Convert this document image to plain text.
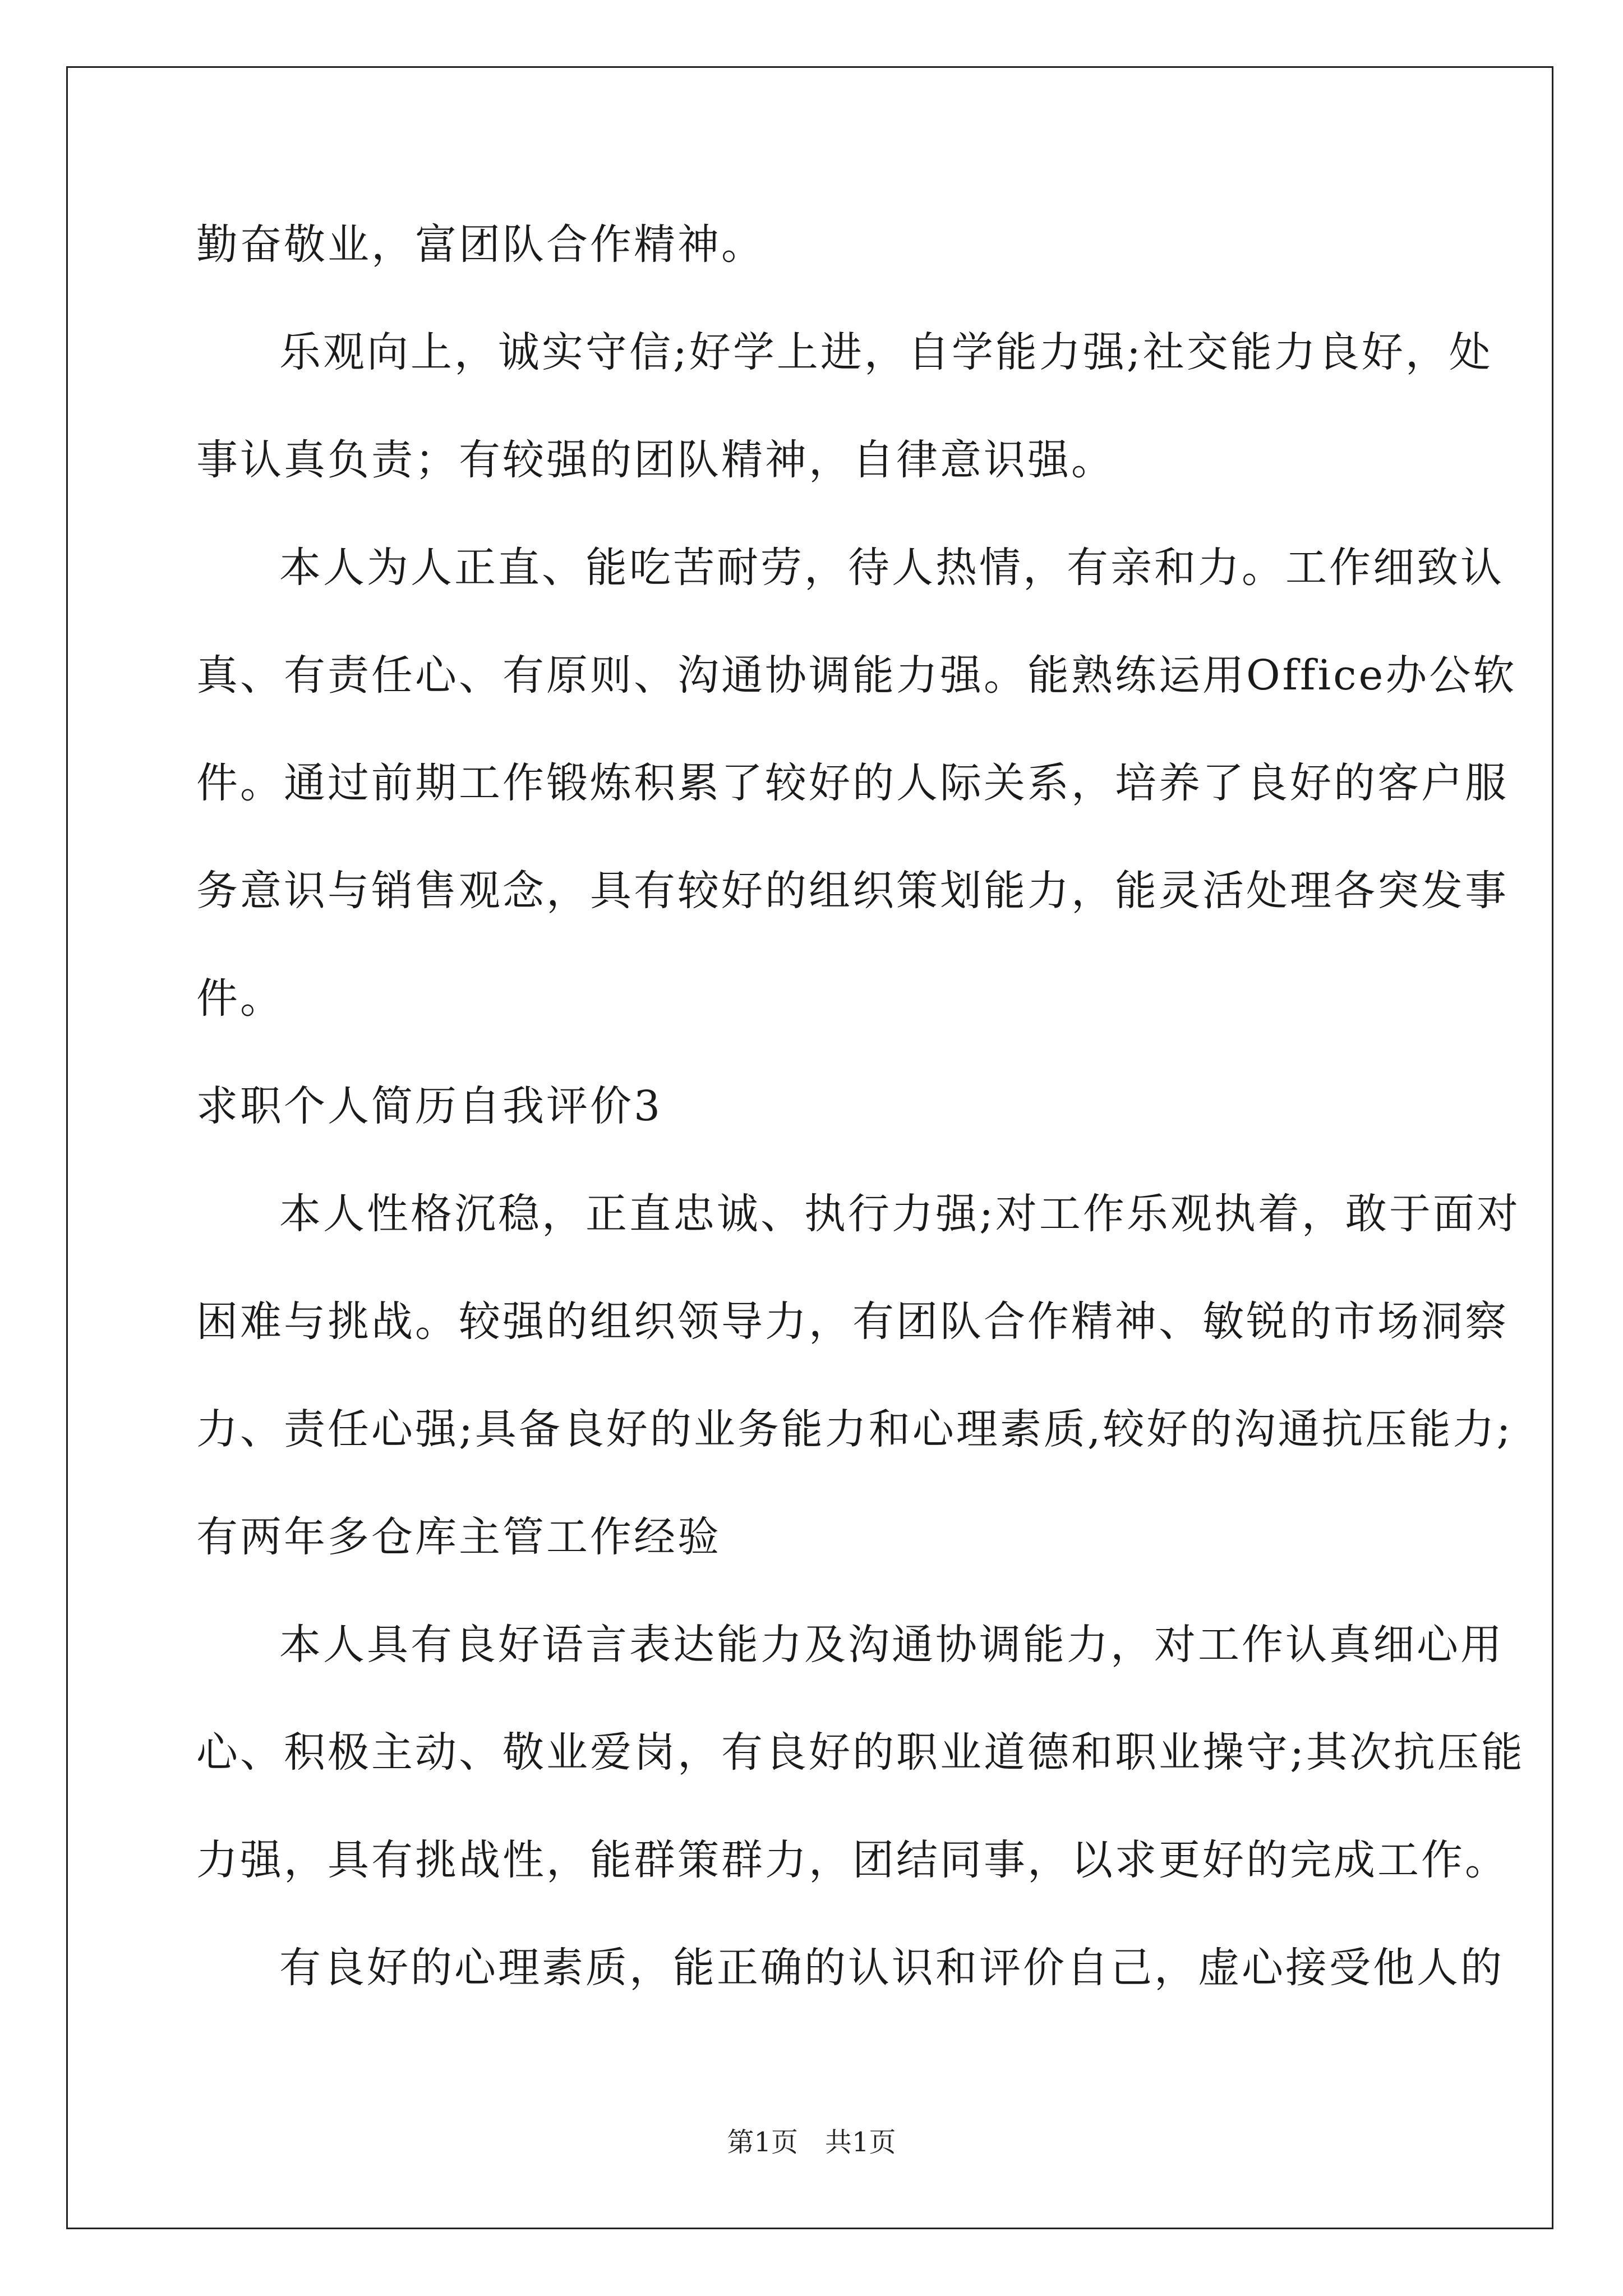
勤奋敬业，富团队合作精神。
乐观向上，诚实守信;好学上进，自学能力强;社交能力良好，处
事认真负责；有较强的团队精神，自律意识强。
本人为人正直、能吃苦耐劳，待人热情，有亲和力。工作细致认
真、有责任心、有原则、沟通协调能力强。能熟练运用Office办公软
件。通过前期工作锻炼积累了较好的人际关系，培养了良好的客户服
务意识与销售观念，具有较好的组织策划能力，能灵活处理各突发事
件。
求职个人简历自我评价3
本人性格沉稳，正直忠诚、执行力强;对工作乐观执着，敢于面对
困难与挑战。较强的组织领导力，有团队合作精神、敏锐的市场洞察
力、责任心强;具备良好的业务能力和心理素质,较好的沟通抗压能力;
有两年多仓库主管工作经验
本人具有良好语言表达能力及沟通协调能力，对工作认真细心用
心、积极主动、敬业爱岗，有良好的职业道德和职业操守;其次抗压能
力强，具有挑战性，能群策群力，团结同事，以求更好的完成工作。
有良好的心理素质，能正确的认识和评价自己，虚心接受他人的
第1页　共1页
